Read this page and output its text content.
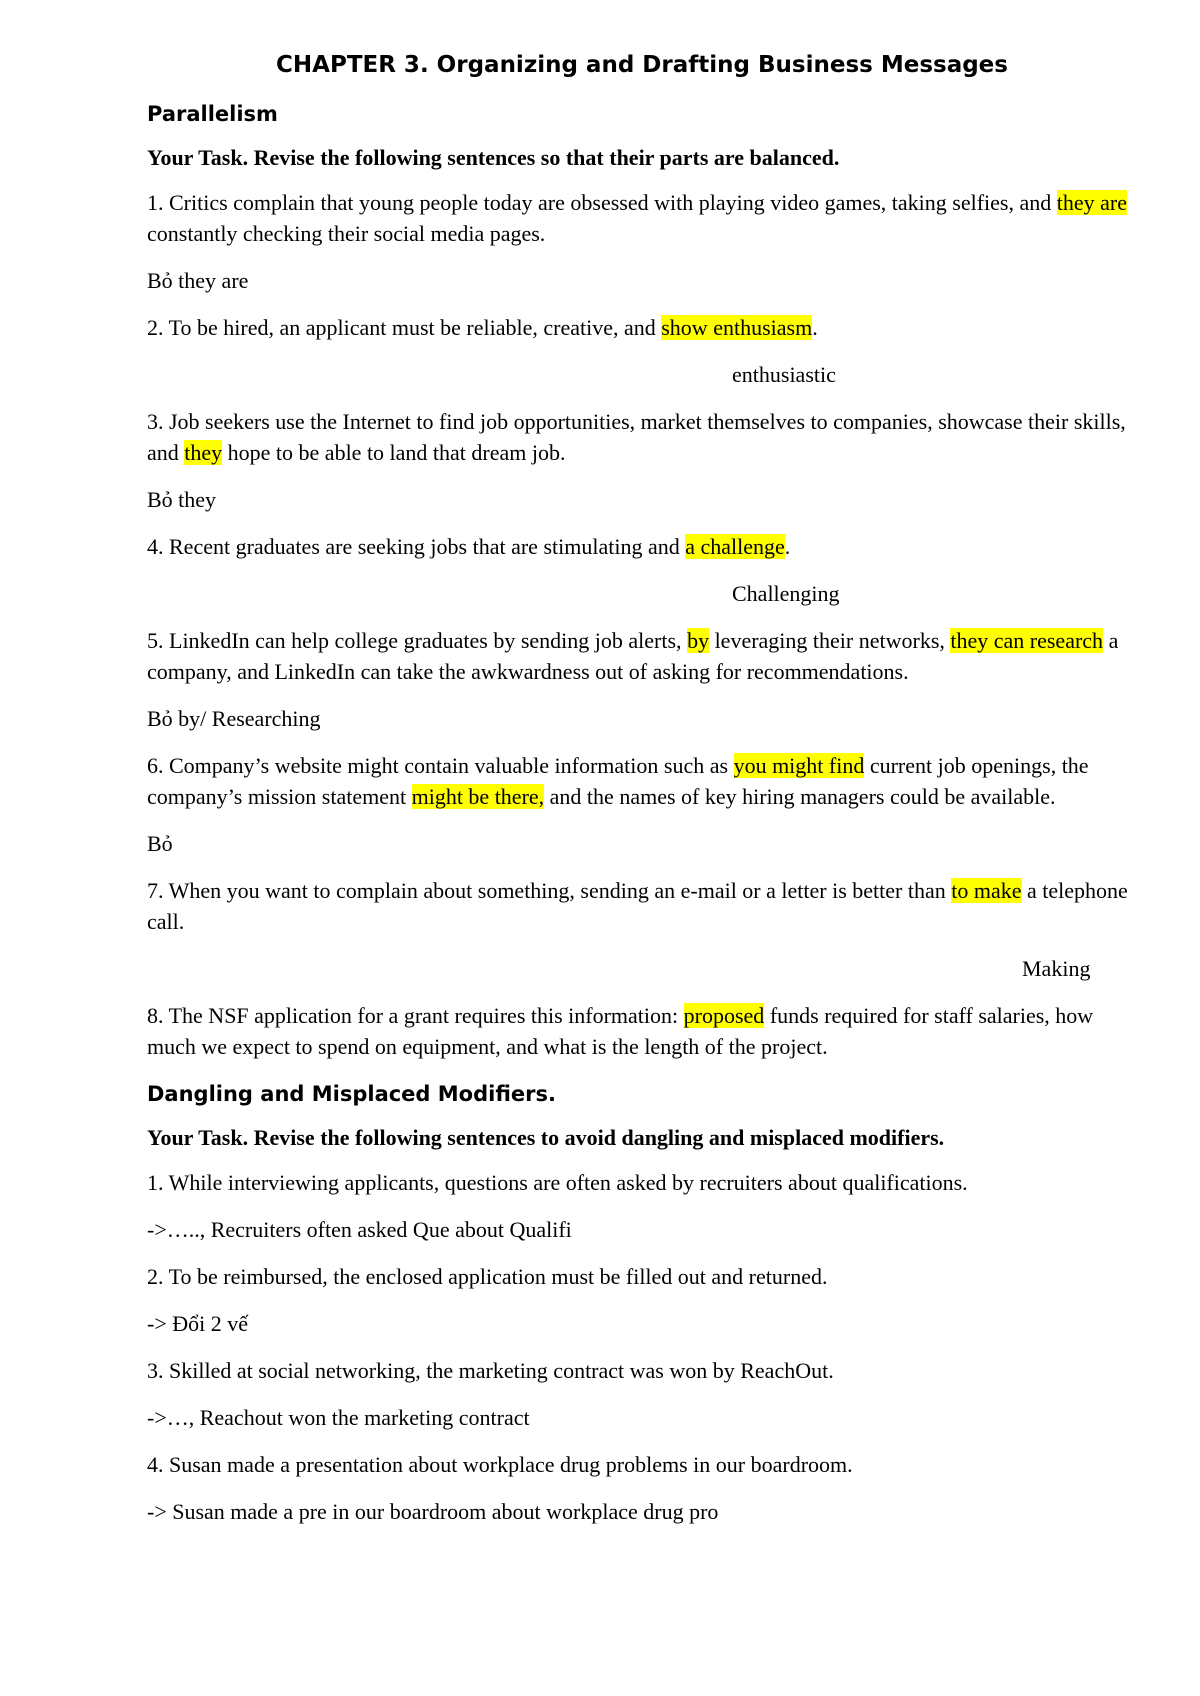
CHAPTER 3. Organizing and Drafting Business Messages
Parallelism
Your Task. Revise the following sentences so that their parts are balanced.
1. Critics complain that young people today are obsessed with playing video games, taking selfies, and they are constantly checking their social media pages.
Bỏ they are
2. To be hired, an applicant must be reliable, creative, and show enthusiasm.
enthusiastic
3. Job seekers use the Internet to find job opportunities, market themselves to companies, showcase their skills, and they hope to be able to land that dream job.
Bỏ they
4. Recent graduates are seeking jobs that are stimulating and a challenge.
Challenging
5. LinkedIn can help college graduates by sending job alerts, by leveraging their networks, they can research a company, and LinkedIn can take the awkwardness out of asking for recommendations.
Bỏ by/ Researching
6. Company’s website might contain valuable information such as you might find current job openings, the company’s mission statement might be there, and the names of key hiring managers could be available.
Bỏ
7. When you want to complain about something, sending an e-mail or a letter is better than to make a telephone call.
Making
8. The NSF application for a grant requires this information: proposed funds required for staff salaries, how much we expect to spend on equipment, and what is the length of the project.
Dangling and Misplaced Modifiers.
Your Task. Revise the following sentences to avoid dangling and misplaced modifiers.
1. While interviewing applicants, questions are often asked by recruiters about qualifications.
->….., Recruiters often asked Que about Qualifi
2. To be reimbursed, the enclosed application must be filled out and returned.
-> Đổi 2 vế
3. Skilled at social networking, the marketing contract was won by ReachOut.
->…, Reachout won the marketing contract
4. Susan made a presentation about workplace drug problems in our boardroom.
-> Susan made a pre in our boardroom about workplace drug pro
